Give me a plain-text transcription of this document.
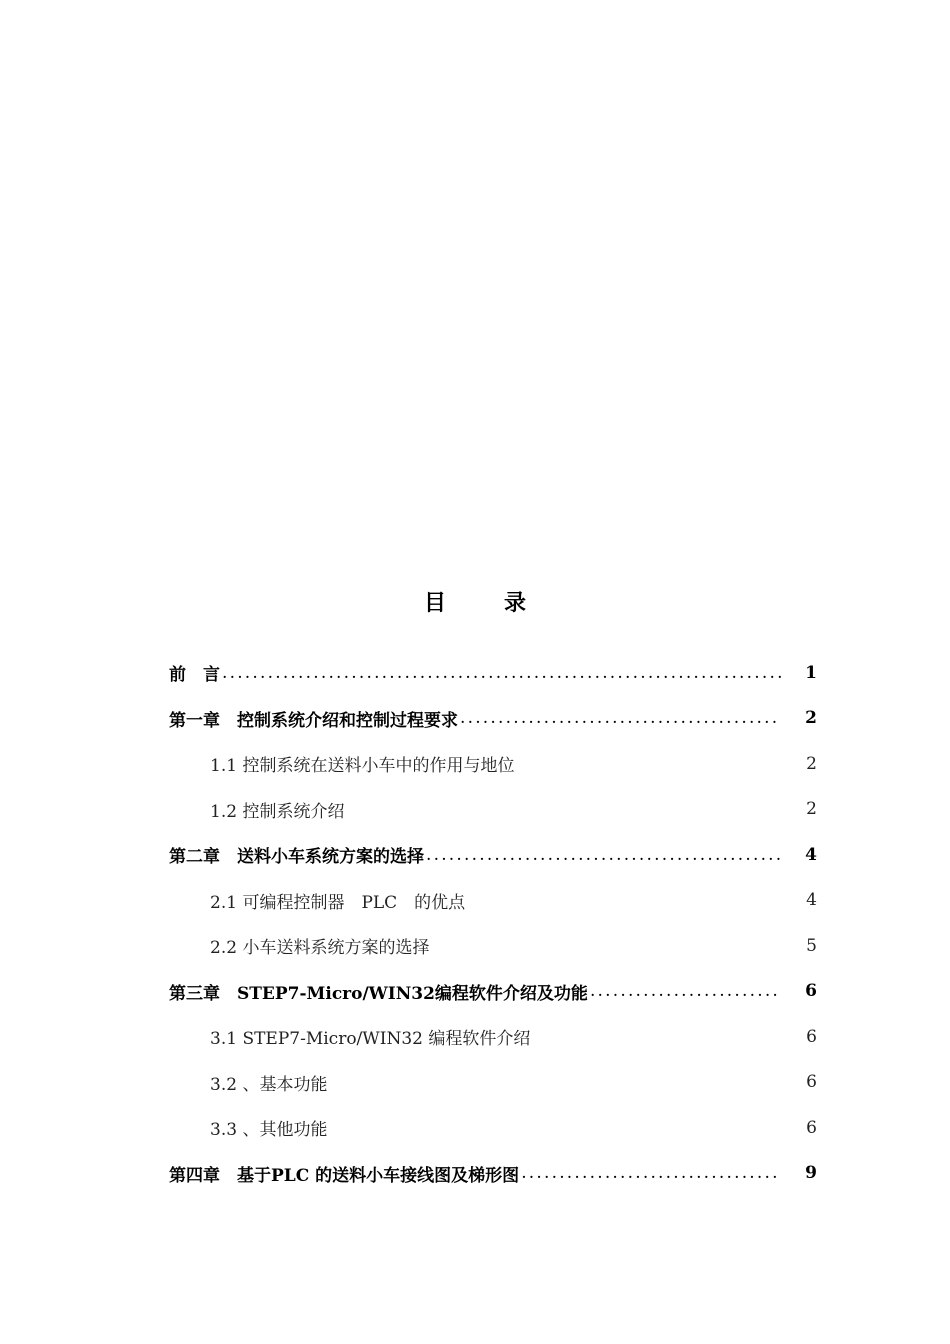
目	录
前　言 .....	1
第一章　控制系统介绍和控制过程要求 .....	2
1.1 控制系统在送料小车中的作用与地位	2
1.2 控制系统介绍	2
第二章　送料小车系统方案的选择 .....	4
2.1 可编程控制器　PLC　的优点	4
2.2 小车送料系统方案的选择	5
第三章　STEP7-Micro/WIN32编程软件介绍及功能 .....	6
3.1 STEP7-Micro/WIN32 编程软件介绍	6
3.2 、基本功能	6
3.3 、其他功能	6
第四章　基于PLC 的送料小车接线图及梯形图 .....	9
